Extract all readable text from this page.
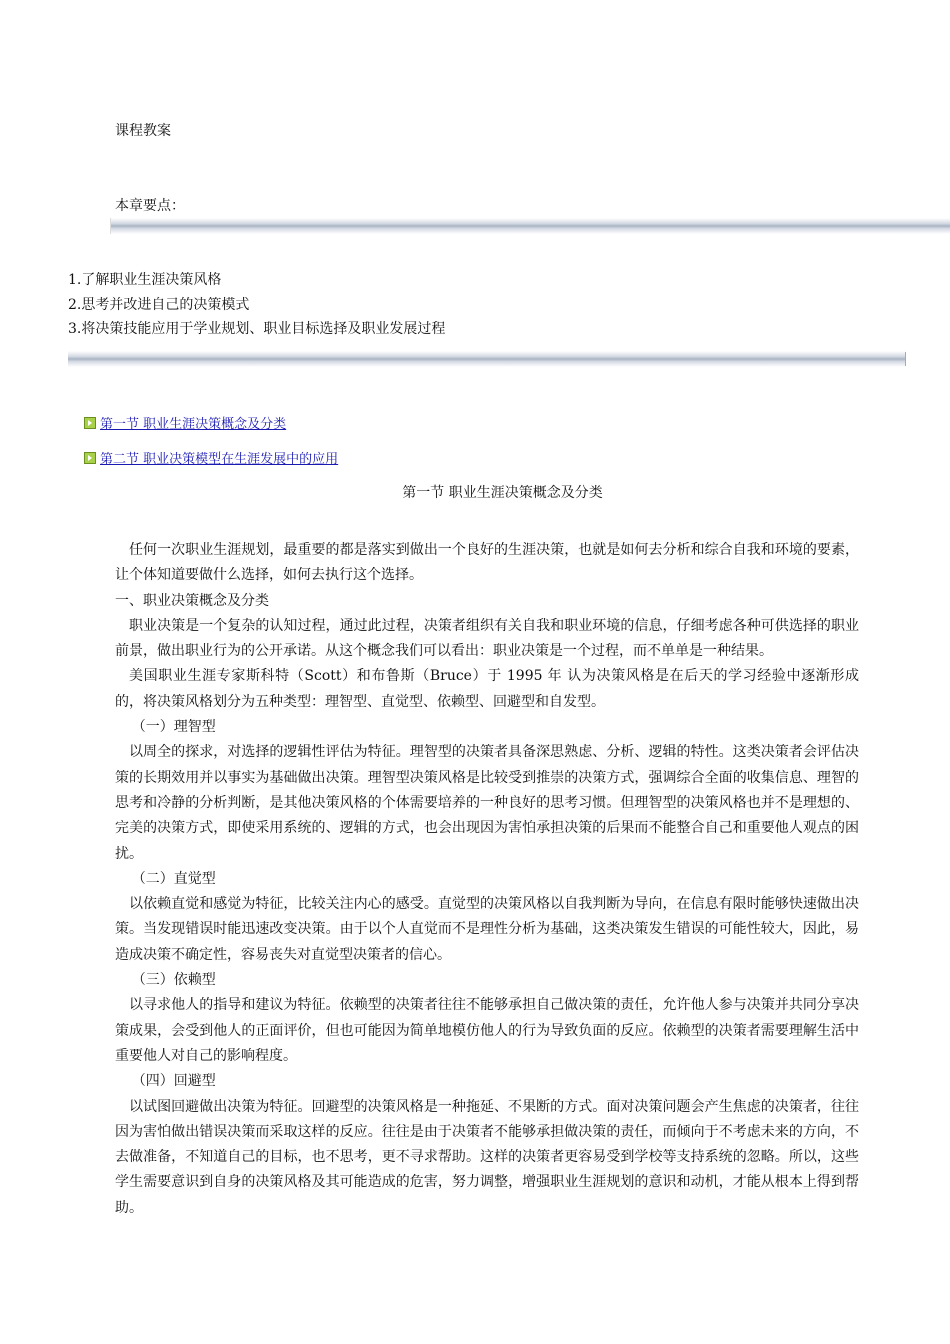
课程教案
本章要点：
1.了解职业生涯决策风格
2.思考并改进自己的决策模式
3.将决策技能应用于学业规划、职业目标选择及职业发展过程
第一节 职业生涯决策概念及分类
第二节 职业决策模型在生涯发展中的应用
第一节 职业生涯决策概念及分类

任何一次职业生涯规划，最重要的都是落实到做出一个良好的生涯决策，也就是如何去分析和综合自我和环境的要素，让个体知道要做什么选择，如何去执行这个选择。

一、职业决策概念及分类

职业决策是一个复杂的认知过程，通过此过程，决策者组织有关自我和职业环境的信息，仔细考虑各种可供选择的职业前景，做出职业行为的公开承诺。从这个概念我们可以看出：职业决策是一个过程，而不单单是一种结果。

美国职业生涯专家斯科特（Scott）和布鲁斯（Bruce）于 1995 年 认为决策风格是在后天的学习经验中逐渐形成的，将决策风格划分为五种类型：理智型、直觉型、依赖型、回避型和自发型。

（一）理智型

以周全的探求，对选择的逻辑性评估为特征。理智型的决策者具备深思熟虑、分析、逻辑的特性。这类决策者会评估决策的长期效用并以事实为基础做出决策。理智型决策风格是比较受到推崇的决策方式，强调综合全面的收集信息、理智的思考和冷静的分析判断，是其他决策风格的个体需要培养的一种良好的思考习惯。但理智型的决策风格也并不是理想的、完美的决策方式，即使采用系统的、逻辑的方式，也会出现因为害怕承担决策的后果而不能整合自己和重要他人观点的困扰。

（二）直觉型

以依赖直觉和感觉为特征，比较关注内心的感受。直觉型的决策风格以自我判断为导向，在信息有限时能够快速做出决策。当发现错误时能迅速改变决策。由于以个人直觉而不是理性分析为基础，这类决策发生错误的可能性较大，因此，易造成决策不确定性，容易丧失对直觉型决策者的信心。

（三）依赖型

以寻求他人的指导和建议为特征。依赖型的决策者往往不能够承担自己做决策的责任，允许他人参与决策并共同分享决策成果，会受到他人的正面评价，但也可能因为简单地模仿他人的行为导致负面的反应。依赖型的决策者需要理解生活中重要他人对自己的影响程度。

（四）回避型

以试图回避做出决策为特征。回避型的决策风格是一种拖延、不果断的方式。面对决策问题会产生焦虑的决策者，往往因为害怕做出错误决策而采取这样的反应。往往是由于决策者不能够承担做决策的责任，而倾向于不考虑未来的方向，不去做准备，不知道自己的目标，也不思考，更不寻求帮助。这样的决策者更容易受到学校等支持系统的忽略。所以，这些学生需要意识到自身的决策风格及其可能造成的危害，努力调整，增强职业生涯规划的意识和动机，才能从根本上得到帮助。
